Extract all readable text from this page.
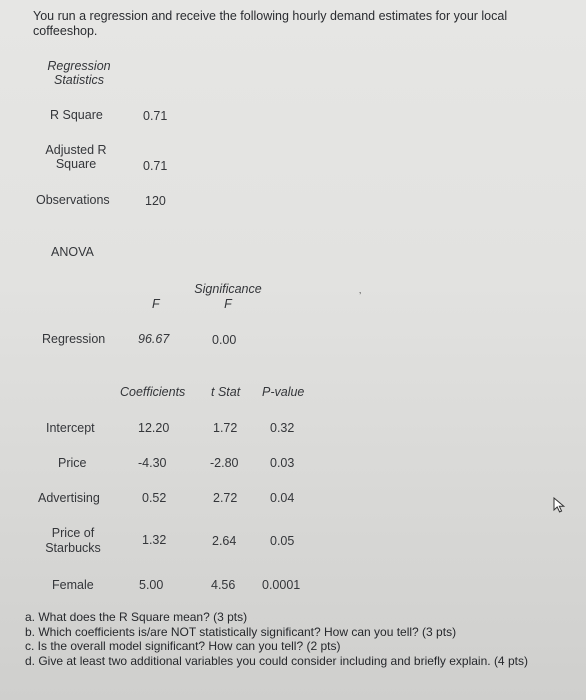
You run a regression and receive the following hourly demand estimates for your local coffeeshop.
Regression
Statistics
R Square	0.71
Adjusted R
Square	0.71
Observations	120
ANOVA
F
Significance
F
’
Regression	96.67	0.00
Coefficients t Stat P-value
Intercept	12.20	1.72	0.32
Price	-4.30	-2.80	0.03
Advertising	0.52	2.72	0.04
Price of
Starbucks
1.32	2.64	0.05
Female	5.00	4.56 0.0001
a. What does the R Square mean? (3 pts)
b. Which coefficients is/are NOT statistically significant? How can you tell? (3 pts)
c. Is the overall model significant? How can you tell? (2 pts)
d. Give at least two additional variables you could consider including and briefly explain. (4 pts)
